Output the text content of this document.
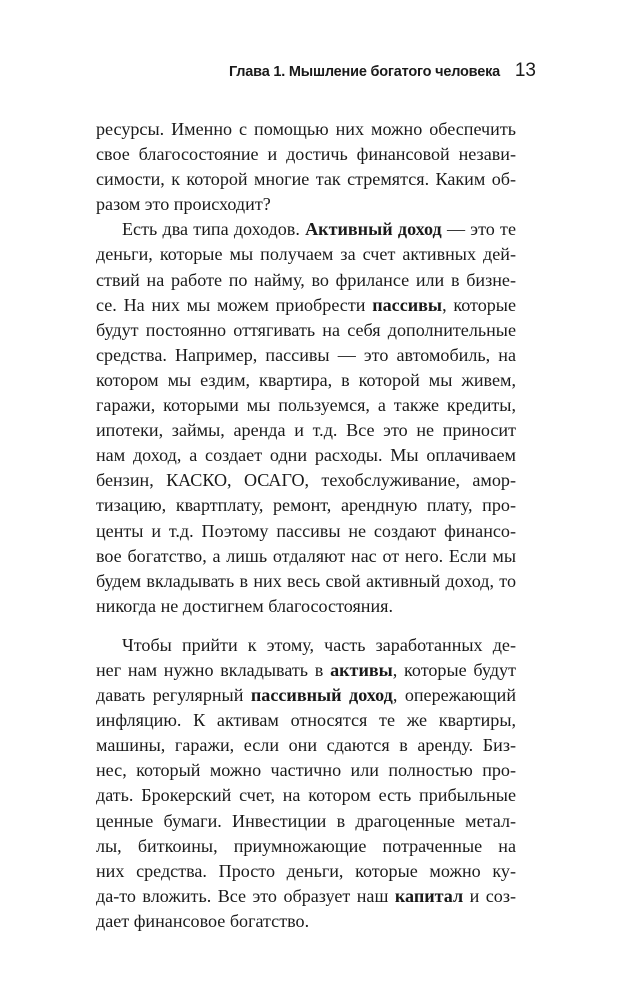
Глава 1. Мышление богатого человека 13
ресурсы. Именно с помощью них можно обеспечить
свое благосостояние и достичь финансовой незави-
симости, к которой многие так стремятся. Каким об-
разом это происходит?
Есть два типа доходов. Активный доход — это те
деньги, которые мы получаем за счет активных дей-
ствий на работе по найму, во фрилансе или в бизне-
се. На них мы можем приобрести пассивы, которые
будут постоянно оттягивать на себя дополнительные
средства. Например, пассивы — это автомобиль, на
котором мы ездим, квартира, в которой мы живем,
гаражи, которыми мы пользуемся, а также кредиты,
ипотеки, займы, аренда и т.д. Все это не приносит
нам доход, а создает одни расходы. Мы оплачиваем
бензин, КАСКО, ОСАГО, техобслуживание, амор-
тизацию, квартплату, ремонт, арендную плату, про-
центы и т.д. Поэтому пассивы не создают финансо-
вое богатство, а лишь отдаляют нас от него. Если мы
будем вкладывать в них весь свой активный доход, то
никогда не достигнем благосостояния.
Чтобы прийти к этому, часть заработанных де-
нег нам нужно вкладывать в активы, которые будут
давать регулярный пассивный доход, опережающий
инфляцию. К активам относятся те же квартиры,
машины, гаражи, если они сдаются в аренду. Биз-
нес, который можно частично или полностью про-
дать. Брокерский счет, на котором есть прибыльные
ценные бумаги. Инвестиции в драгоценные метал-
лы, биткоины, приумножающие потраченные на
них средства. Просто деньги, которые можно ку-
да-то вложить. Все это образует наш капитал и соз-
дает финансовое богатство.
